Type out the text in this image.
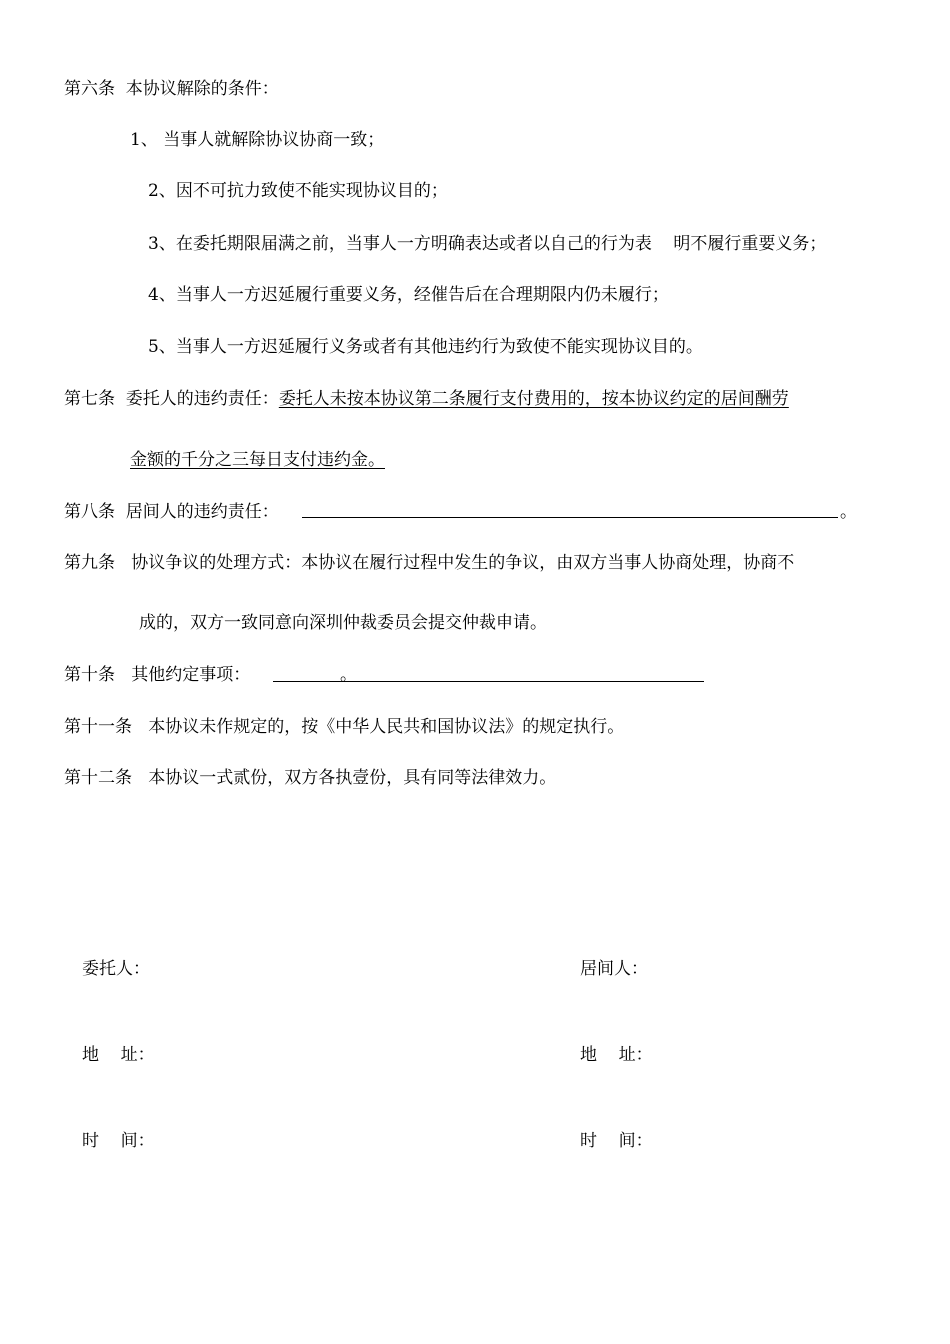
第六条  本协议解除的条件：
1、 当事人就解除协议协商一致；
2、因不可抗力致使不能实现协议目的；
3、在委托期限届满之前，当事人一方明确表达或者以自己的行为表    明不履行重要义务；
4、当事人一方迟延履行重要义务，经催告后在合理期限内仍未履行；
5、当事人一方迟延履行义务或者有其他违约行为致使不能实现协议目的。
第七条  委托人的违约责任：委托人未按本协议第二条履行支付费用的，按本协议约定的居间酬劳
金额的千分之三每日支付违约金。
第八条  居间人的违约责任：	。
第九条   协议争议的处理方式：本协议在履行过程中发生的争议，由双方当事人协商处理，协商不
成的，双方一致同意向深圳仲裁委员会提交仲裁申请。
第十条   其他约定事项：	。
第十一条   本协议未作规定的，按《中华人民共和国协议法》的规定执行。
第十二条   本协议一式贰份，双方各执壹份，具有同等法律效力。
委托人：
地    址：
时    间：
居间人：
地    址：
时    间：
